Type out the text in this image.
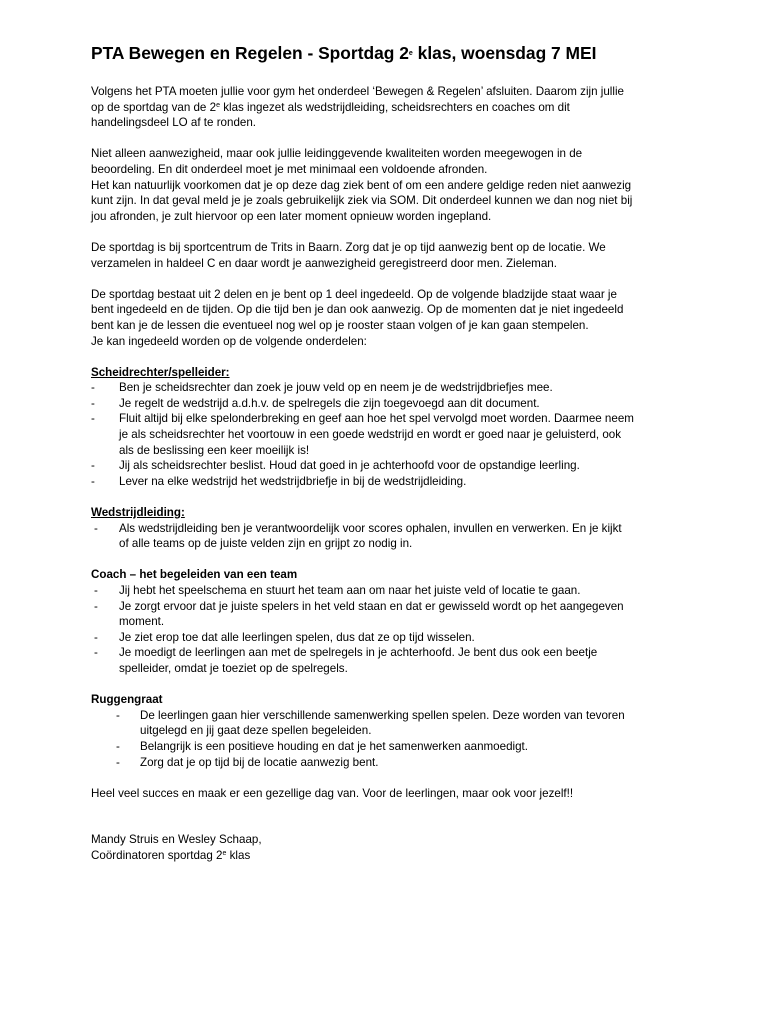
PTA Bewegen en Regelen - Sportdag 2e klas, woensdag 7 MEI
Volgens het PTA moeten jullie voor gym het onderdeel ‘Bewegen & Regelen’ afsluiten. Daarom zijn jullie
op de sportdag van de 2e klas ingezet als wedstrijdleiding, scheidsrechters en coaches om dit
handelingsdeel LO af te ronden.
Niet alleen aanwezigheid, maar ook jullie leidinggevende kwaliteiten worden meegewogen in de
beoordeling. En dit onderdeel moet je met minimaal een voldoende afronden.
Het kan natuurlijk voorkomen dat je op deze dag ziek bent of om een andere geldige reden niet aanwezig
kunt zijn. In dat geval meld je je zoals gebruikelijk ziek via SOM. Dit onderdeel kunnen we dan nog niet bij
jou afronden, je zult hiervoor op een later moment opnieuw worden ingepland.
De sportdag is bij sportcentrum de Trits in Baarn. Zorg dat je op tijd aanwezig bent op de locatie. We
verzamelen in haldeel C en daar wordt je aanwezigheid geregistreerd door men. Zieleman.
De sportdag bestaat uit 2 delen en je bent op 1 deel ingedeeld. Op de volgende bladzijde staat waar je
bent ingedeeld en de tijden. Op die tijd ben je dan ook aanwezig. Op de momenten dat je niet ingedeeld
bent kan je de lessen die eventueel nog wel op je rooster staan volgen of je kan gaan stempelen.
Je kan ingedeeld worden op de volgende onderdelen:
Scheidrechter/spelleider:
- Ben je scheidsrechter dan zoek je jouw veld op en neem je de wedstrijdbriefjes mee.
- Je regelt de wedstrijd a.d.h.v. de spelregels die zijn toegevoegd aan dit document.
- Fluit altijd bij elke spelonderbreking en geef aan hoe het spel vervolgd moet worden. Daarmee neem
je als scheidsrechter het voortouw in een goede wedstrijd en wordt er goed naar je geluisterd, ook
als de beslissing een keer moeilijk is!
- Jij als scheidsrechter beslist. Houd dat goed in je achterhoofd voor de opstandige leerling.
- Lever na elke wedstrijd het wedstrijdbriefje in bij de wedstrijdleiding.
Wedstrijdleiding:
- Als wedstrijdleiding ben je verantwoordelijk voor scores ophalen, invullen en verwerken. En je kijkt
of alle teams op de juiste velden zijn en grijpt zo nodig in.
Coach – het begeleiden van een team
- Jij hebt het speelschema en stuurt het team aan om naar het juiste veld of locatie te gaan.
- Je zorgt ervoor dat je juiste spelers in het veld staan en dat er gewisseld wordt op het aangegeven
moment.
- Je ziet erop toe dat alle leerlingen spelen, dus dat ze op tijd wisselen.
- Je moedigt de leerlingen aan met de spelregels in je achterhoofd. Je bent dus ook een beetje
spelleider, omdat je toeziet op de spelregels.
Ruggengraat
- De leerlingen gaan hier verschillende samenwerking spellen spelen. Deze worden van tevoren
uitgelegd en jij gaat deze spellen begeleiden.
- Belangrijk is een positieve houding en dat je het samenwerken aanmoedigt.
- Zorg dat je op tijd bij de locatie aanwezig bent.
Heel veel succes en maak er een gezellige dag van. Voor de leerlingen, maar ook voor jezelf!!
Mandy Struis en Wesley Schaap,
Coördinatoren sportdag 2e klas
